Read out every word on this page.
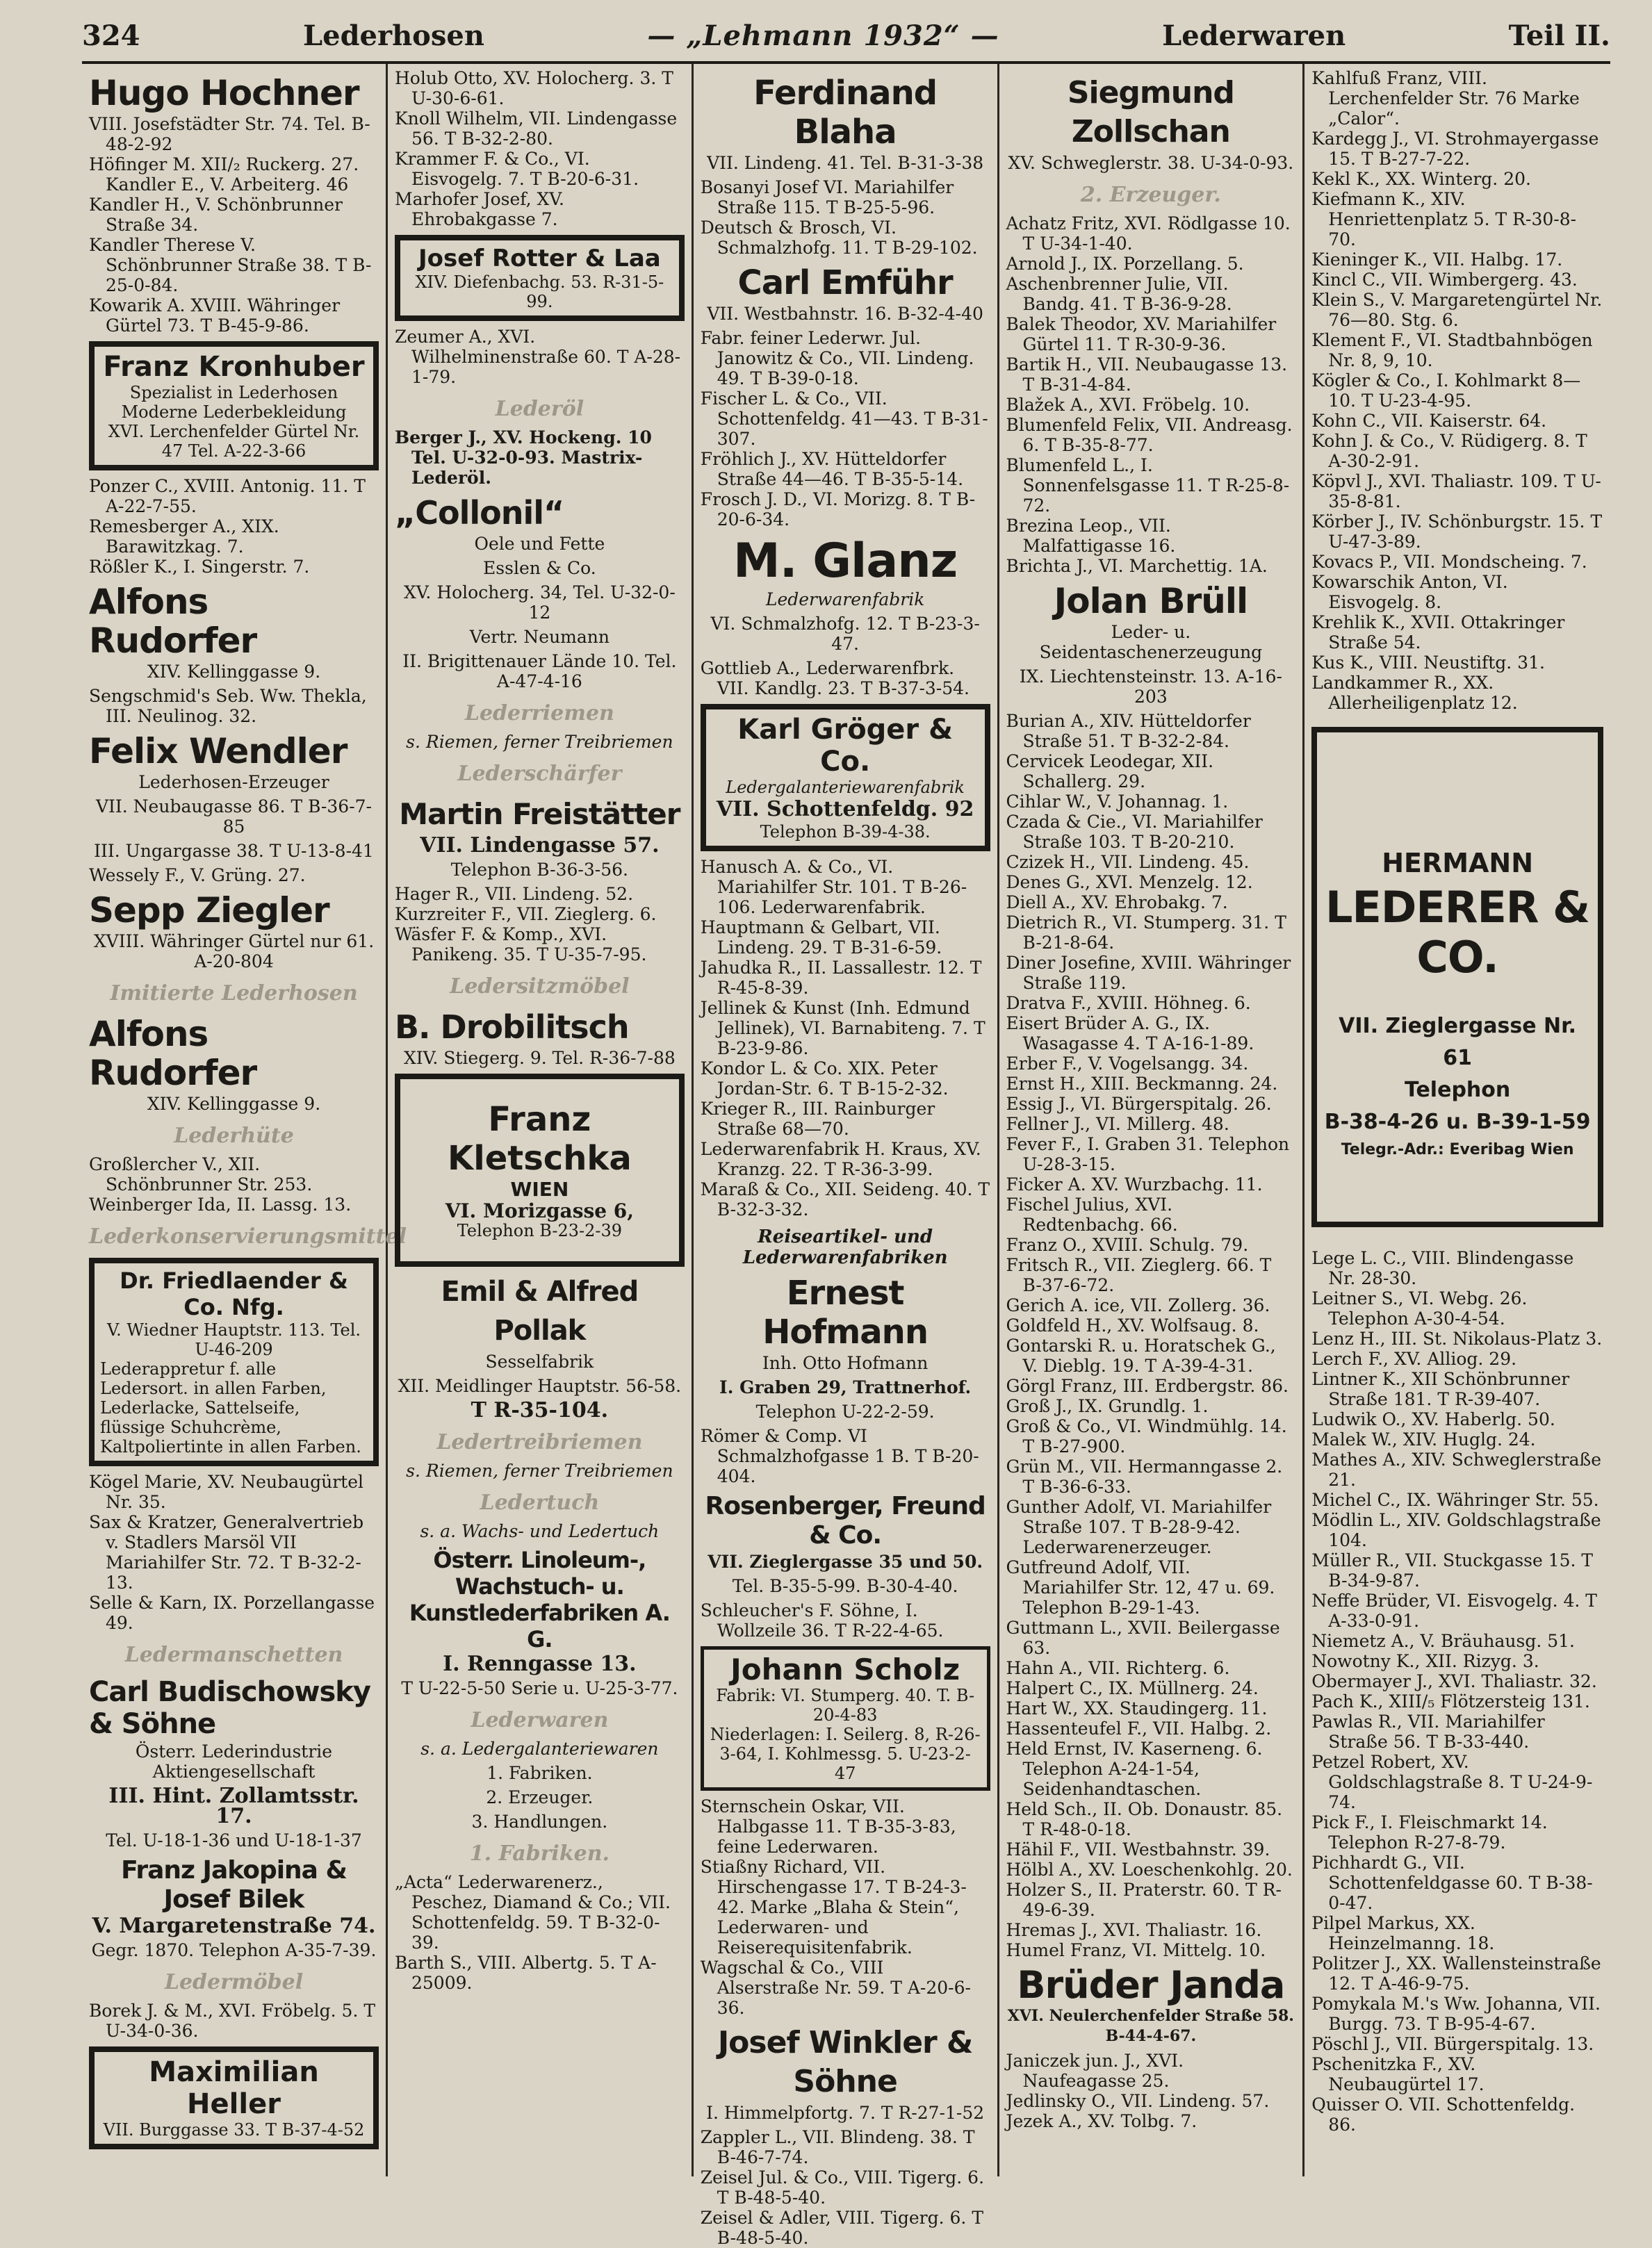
324	Lederhosen	— „Lehmann 1932“ —	Lederwaren	Teil II.
Hugo Hochner

VIII. Josefstädter Str. 74. Tel. B-48-2-92

Höfinger M. XII/₂ Ruckerg. 27. Kandler E., V. Arbeiterg. 46

Kandler H., V. Schönbrunner Straße 34.

Kandler Therese V. Schönbrunner Straße 38. T B-25-0-84.

Kowarik A. XVIII. Währinger Gürtel 73. T B-45-9-86.

Franz Kronhuber
Spezialist in Lederhosen
Moderne Lederbekleidung
XVI. Lerchenfelder Gürtel Nr. 47 Tel. A-22-3-66

Ponzer C., XVIII. Antonig. 11. T A-22-7-55.

Remesberger A., XIX. Barawitzkag. 7.

Rößler K., I. Singerstr. 7.

Alfons Rudorfer
XIV. Kellinggasse 9.

Sengschmid's Seb. Ww. Thekla, III. Neulinog. 32.

Felix Wendler
Lederhosen-Erzeuger
VII. Neubaugasse 86. T B-36-7-85
III. Ungargasse 38. T U-13-8-41

Wessely F., V. Grüng. 27.

Sepp Ziegler
XVIII. Währinger Gürtel nur 61. A-20-804
Imitierte Lederhosen
Alfons Rudorfer
XIV. Kellinggasse 9.
Lederhüte

Großlercher V., XII. Schönbrunner Str. 253.

Weinberger Ida, II. Lassg. 13.

Lederkonservierungsmittel
Dr. Friedlaender & Co. Nfg.
V. Wiedner Hauptstr. 113. Tel. U-46-209
Lederappretur f. alle Ledersort. in allen Farben, Lederlacke, Sattelseife, flüssige Schuhcrème, Kaltpoliertinte in allen Farben.

Kögel Marie, XV. Neubaugürtel Nr. 35.

Sax & Kratzer, Generalvertrieb v. Stadlers Marsöl VII Mariahilfer Str. 72. T B-32-2-13.

Selle & Karn, IX. Porzellangasse 49.

Ledermanschetten
Carl Budischowsky & Söhne
Österr. Lederindustrie Aktiengesellschaft
III. Hint. Zollamtsstr. 17.
Tel. U-18-1-36 und U-18-1-37
Franz Jakopina & Josef Bilek
V. Margaretenstraße 74.
Gegr. 1870. Telephon A-35-7-39.
Ledermöbel

Borek J. & M., XVI. Fröbelg. 5. T U-34-0-36.

Maximilian Heller
VII. Burggasse 33. T B-37-4-52

Holub Otto, XV. Holocherg. 3. T U-30-6-61.

Knoll Wilhelm, VII. Lindengasse 56. T B-32-2-80.

Krammer F. & Co., VI. Eisvogelg. 7. T B-20-6-31.

Marhofer Josef, XV. Ehrobakgasse 7.

Josef Rotter & Laa
XIV. Diefenbachg. 53. R-31-5-99.

Zeumer A., XVI. Wilhelminenstraße 60. T A-28-1-79.

Lederöl

Berger J., XV. Hockeng. 10 Tel. U-32-0-93. Mastrix-Lederöl.

„Collonil“
Oele und Fette
Esslen & Co.
XV. Holocherg. 34, Tel. U-32-0-12
Vertr. Neumann
II. Brigittenauer Lände 10. Tel. A-47-4-16
Lederriemen
s. Riemen, ferner Treibriemen
Lederschärfer
Martin Freistätter
VII. Lindengasse 57.
Telephon B-36-3-56.

Hager R., VII. Lindeng. 52.

Kurzreiter F., VII. Zieglerg. 6.

Wäsfer F. & Komp., XVI. Panikeng. 35. T U-35-7-95.

Ledersitzmöbel
B. Drobilitsch
XIV. Stiegerg. 9. Tel. R-36-7-88
Franz Kletschka
WIEN
VI. Morizgasse 6,
Telephon B-23-2-39
Emil & Alfred Pollak
Sesselfabrik
XII. Meidlinger Hauptstr. 56-58.
T R-35-104.
Ledertreibriemen
s. Riemen, ferner Treibriemen
Ledertuch
s. a. Wachs- und Ledertuch
Österr. Linoleum-, Wachstuch- u. Kunstlederfabriken A. G.
I. Renngasse 13.
T U-22-5-50 Serie u. U-25-3-77.
Lederwaren
s. a. Ledergalanteriewaren
1. Fabriken.
2. Erzeuger.
3. Handlungen.
1. Fabriken.

„Acta“ Lederwarenerz., Peschez, Diamand & Co.; VII. Schottenfeldg. 59. T B-32-0-39.

Barth S., VIII. Albertg. 5. T A-25009.

Ferdinand Blaha
VII. Lindeng. 41. Tel. B-31-3-38

Bosanyi Josef VI. Mariahilfer Straße 115. T B-25-5-96.

Deutsch & Brosch, VI. Schmalzhofg. 11. T B-29-102.

Carl Emführ
VII. Westbahnstr. 16. B-32-4-40

Fabr. feiner Lederwr. Jul. Janowitz & Co., VII. Lindeng. 49. T B-39-0-18.

Fischer L. & Co., VII. Schottenfeldg. 41—43. T B-31-307.

Fröhlich J., XV. Hütteldorfer Straße 44—46. T B-35-5-14.

Frosch J. D., VI. Morizg. 8. T B-20-6-34.

M. Glanz
Lederwarenfabrik
VI. Schmalzhofg. 12. T B-23-3-47.

Gottlieb A., Lederwarenfbrk. VII. Kandlg. 23. T B-37-3-54.

Karl Gröger & Co.
Ledergalanteriewarenfabrik
VII. Schottenfeldg. 92
Telephon B-39-4-38.

Hanusch A. & Co., VI. Mariahilfer Str. 101. T B-26-106. Lederwarenfabrik.

Hauptmann & Gelbart, VII. Lindeng. 29. T B-31-6-59.

Jahudka R., II. Lassallestr. 12. T R-45-8-39.

Jellinek & Kunst (Inh. Edmund Jellinek), VI. Barnabiteng. 7. T B-23-9-86.

Kondor L. & Co. XIX. Peter Jordan-Str. 6. T B-15-2-32.

Krieger R., III. Rainburger Straße 68—70.

Lederwarenfabrik H. Kraus, XV. Kranzg. 22. T R-36-3-99.

Maraß & Co., XII. Seideng. 40. T B-32-3-32.

Reiseartikel- und Lederwarenfabriken
Ernest Hofmann
Inh. Otto Hofmann
I. Graben 29, Trattnerhof.
Telephon U-22-2-59.

Römer & Comp. VI Schmalzhofgasse 1 B. T B-20-404.

Rosenberger, Freund & Co.
VII. Zieglergasse 35 und 50.
Tel. B-35-5-99. B-30-4-40.

Schleucher's F. Söhne, I. Wollzeile 36. T R-22-4-65.

Johann Scholz
Fabrik: VI. Stumperg. 40. T. B-20-4-83
Niederlagen: I. Seilerg. 8, R-26-3-64, I. Kohlmessg. 5. U-23-2-47

Sternschein Oskar, VII. Halbgasse 11. T B-35-3-83, feine Lederwaren.

Stiaßny Richard, VII. Hirschengasse 17. T B-24-3-42. Marke „Blaha & Stein“, Lederwaren- und Reiserequisitenfabrik.

Wagschal & Co., VIII Alserstraße Nr. 59. T A-20-6-36.

Josef Winkler & Söhne
I. Himmelpfortg. 7. T R-27-1-52

Zappler L., VII. Blindeng. 38. T B-46-7-74.

Zeisel Jul. & Co., VIII. Tigerg. 6. T B-48-5-40.

Zeisel & Adler, VIII. Tigerg. 6. T B-48-5-40.

Siegmund Zollschan
XV. Schweglerstr. 38. U-34-0-93.
2. Erzeuger.

Achatz Fritz, XVI. Rödlgasse 10. T U-34-1-40.

Arnold J., IX. Porzellang. 5.

Aschenbrenner Julie, VII. Bandg. 41. T B-36-9-28.

Balek Theodor, XV. Mariahilfer Gürtel 11. T R-30-9-36.

Bartik H., VII. Neubaugasse 13. T B-31-4-84.

Blažek A., XVI. Fröbelg. 10.

Blumenfeld Felix, VII. Andreasg. 6. T B-35-8-77.

Blumenfeld L., I. Sonnenfelsgasse 11. T R-25-8-72.

Brezina Leop., VII. Malfattigasse 16.

Brichta J., VI. Marchettig. 1A.

Jolan Brüll
Leder- u. Seidentaschenerzeugung
IX. Liechtensteinstr. 13. A-16-203

Burian A., XIV. Hütteldorfer Straße 51. T B-32-2-84.

Cervicek Leodegar, XII. Schallerg. 29.

Cihlar W., V. Johannag. 1.

Czada & Cie., VI. Mariahilfer Straße 103. T B-20-210.

Czizek H., VII. Lindeng. 45.

Denes G., XVI. Menzelg. 12.

Diell A., XV. Ehrobakg. 7.

Dietrich R., VI. Stumperg. 31. T B-21-8-64.

Diner Josefine, XVIII. Währinger Straße 119.

Dratva F., XVIII. Höhneg. 6.

Eisert Brüder A. G., IX. Wasagasse 4. T A-16-1-89.

Erber F., V. Vogelsangg. 34.

Ernst H., XIII. Beckmanng. 24.

Essig J., VI. Bürgerspitalg. 26.

Fellner J., VI. Millerg. 48.

Fever F., I. Graben 31. Telephon U-28-3-15.

Ficker A. XV. Wurzbachg. 11.

Fischel Julius, XVI. Redtenbachg. 66.

Franz O., XVIII. Schulg. 79.

Fritsch R., VII. Zieglerg. 66. T B-37-6-72.

Gerich A. ice, VII. Zollerg. 36.

Goldfeld H., XV. Wolfsaug. 8.

Gontarski R. u. Horatschek G., V. Dieblg. 19. T A-39-4-31.

Görgl Franz, III. Erdbergstr. 86.

Groß J., IX. Grundlg. 1.

Groß & Co., VI. Windmühlg. 14. T B-27-900.

Grün M., VII. Hermanngasse 2. T B-36-6-33.

Gunther Adolf, VI. Mariahilfer Straße 107. T B-28-9-42. Lederwarenerzeuger.

Gutfreund Adolf, VII. Mariahilfer Str. 12, 47 u. 69. Telephon B-29-1-43.

Guttmann L., XVII. Beilergasse 63.

Hahn A., VII. Richterg. 6.

Halpert C., IX. Müllnerg. 24.

Hart W., XX. Staudingerg. 11.

Hassenteufel F., VII. Halbg. 2.

Held Ernst, IV. Kaserneng. 6. Telephon A-24-1-54, Seidenhandtaschen.

Held Sch., II. Ob. Donaustr. 85. T R-48-0-18.

Hähil F., VII. Westbahnstr. 39.

Hölbl A., XV. Loeschenkohlg. 20.

Holzer S., II. Praterstr. 60. T R-49-6-39.

Hremas J., XVI. Thaliastr. 16.

Humel Franz, VI. Mittelg. 10.

Brüder Janda
XVI. Neulerchenfelder Straße 58. B-44-4-67.

Janiczek jun. J., XVI. Naufeagasse 25.

Jedlinsky O., VII. Lindeng. 57.

Jezek A., XV. Tolbg. 7.

Kahlfuß Franz, VIII. Lerchenfelder Str. 76 Marke „Calor“.

Kardegg J., VI. Strohmayergasse 15. T B-27-7-22.

Kekl K., XX. Winterg. 20.

Kiefmann K., XIV. Henriettenplatz 5. T R-30-8-70.

Kieninger K., VII. Halbg. 17.

Kincl C., VII. Wimbergerg. 43.

Klein S., V. Margaretengürtel Nr. 76—80. Stg. 6.

Klement F., VI. Stadtbahnbögen Nr. 8, 9, 10.

Kögler & Co., I. Kohlmarkt 8—10. T U-23-4-95.

Kohn C., VII. Kaiserstr. 64.

Kohn J. & Co., V. Rüdigerg. 8. T A-30-2-91.

Köpvl J., XVI. Thaliastr. 109. T U-35-8-81.

Körber J., IV. Schönburgstr. 15. T U-47-3-89.

Kovacs P., VII. Mondscheing. 7.

Kowarschik Anton, VI. Eisvogelg. 8.

Krehlik K., XVII. Ottakringer Straße 54.

Kus K., VIII. Neustiftg. 31.

Landkammer R., XX. Allerheiligenplatz 12.

HERMANN
LEDERER & CO.
VII. Zieglergasse Nr. 61
Telephon
B-38-4-26 u. B-39-1-59
Telegr.-Adr.: Everibag Wien

Lege L. C., VIII. Blindengasse Nr. 28-30.

Leitner S., VI. Webg. 26. Telephon A-30-4-54.

Lenz H., III. St. Nikolaus-Platz 3.

Lerch F., XV. Alliog. 29.

Lintner K., XII Schönbrunner Straße 181. T R-39-407.

Ludwik O., XV. Haberlg. 50.

Malek W., XIV. Huglg. 24.

Mathes A., XIV. Schweglerstraße 21.

Michel C., IX. Währinger Str. 55.

Mödlin L., XIV. Goldschlagstraße 104.

Müller R., VII. Stuckgasse 15. T B-34-9-87.

Neffe Brüder, VI. Eisvogelg. 4. T A-33-0-91.

Niemetz A., V. Bräuhausg. 51.

Nowotny K., XII. Rizyg. 3.

Obermayer J., XVI. Thaliastr. 32.

Pach K., XIII/₅ Flötzersteig 131.

Pawlas R., VII. Mariahilfer Straße 56. T B-33-440.

Petzel Robert, XV. Goldschlagstraße 8. T U-24-9-74.

Pick F., I. Fleischmarkt 14. Telephon R-27-8-79.

Pichhardt G., VII. Schottenfeldgasse 60. T B-38-0-47.

Pilpel Markus, XX. Heinzelmanng. 18.

Politzer J., XX. Wallensteinstraße 12. T A-46-9-75.

Pomykala M.'s Ww. Johanna, VII. Burgg. 73. T B-95-4-67.

Pöschl J., VII. Bürgerspitalg. 13.

Pschenitzka F., XV. Neubaugürtel 17.

Quisser O. VII. Schottenfeldg. 86.
